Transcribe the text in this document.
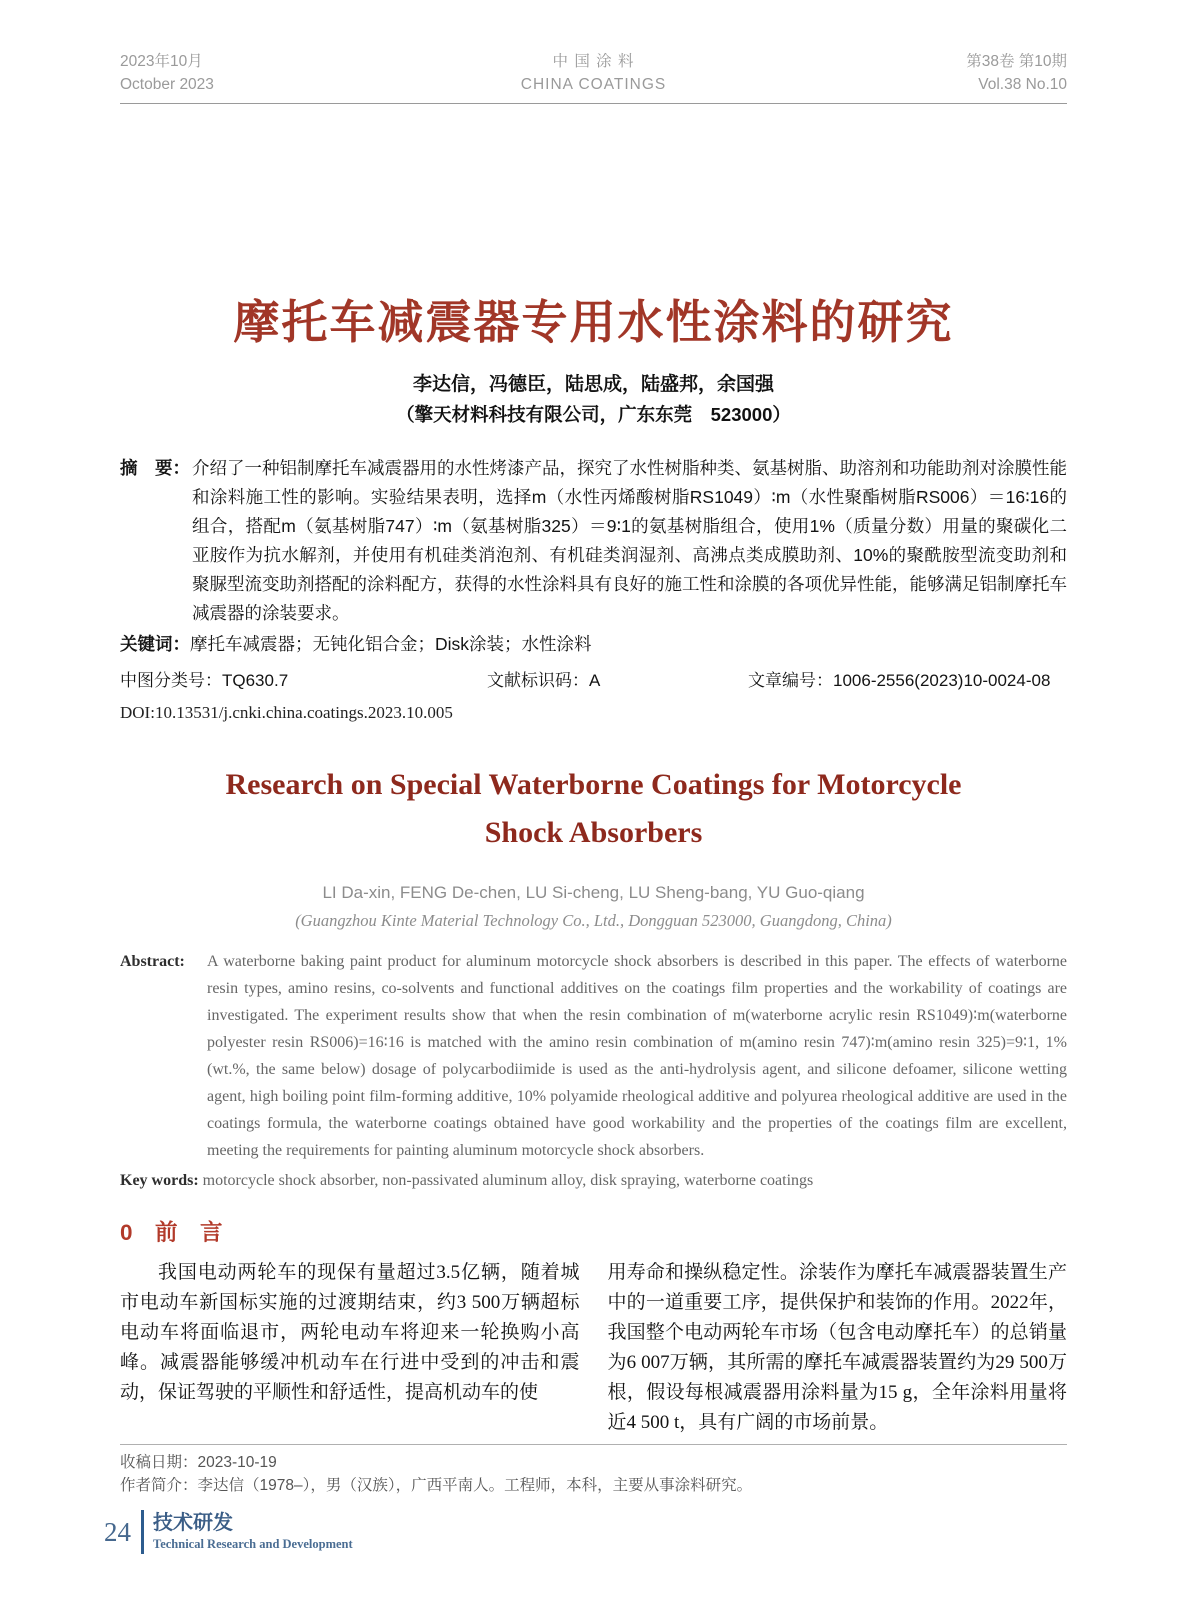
2023年10月
October 2023
中 国 涂 料
CHINA COATINGS
第38卷 第10期
Vol.38 No.10
摩托车减震器专用水性涂料的研究
李达信，冯德臣，陆思成，陆盛邦，余国强
（擎天材料科技有限公司，广东东莞　523000）
摘　要： 介绍了一种铝制摩托车减震器用的水性烤漆产品，探究了水性树脂种类、氨基树脂、助溶剂和功能助剂对涂膜性能和涂料施工性的影响。实验结果表明，选择m（水性丙烯酸树脂RS1049）∶m（水性聚酯树脂RS006）＝16∶16的组合，搭配m（氨基树脂747）∶m（氨基树脂325）＝9∶1的氨基树脂组合，使用1%（质量分数）用量的聚碳化二亚胺作为抗水解剂，并使用有机硅类消泡剂、有机硅类润湿剂、高沸点类成膜助剂、10%的聚酰胺型流变助剂和聚脲型流变助剂搭配的涂料配方，获得的水性涂料具有良好的施工性和涂膜的各项优异性能，能够满足铝制摩托车减震器的涂装要求。
关键词：摩托车减震器；无钝化铝合金；Disk涂装；水性涂料
中图分类号：TQ630.7	文献标识码：A	文章编号：1006-2556(2023)10-0024-08
DOI:10.13531/j.cnki.china.coatings.2023.10.005
Research on Special Waterborne Coatings for Motorcycle
Shock Absorbers
LI Da-xin, FENG De-chen, LU Si-cheng, LU Sheng-bang, YU Guo-qiang
(Guangzhou Kinte Material Technology Co., Ltd., Dongguan 523000, Guangdong, China)
Abstract: A waterborne baking paint product for aluminum motorcycle shock absorbers is described in this paper. The effects of waterborne resin types, amino resins, co-solvents and functional additives on the coatings film properties and the workability of coatings are investigated. The experiment results show that when the resin combination of m(waterborne acrylic resin RS1049)∶m(waterborne polyester resin RS006)=16∶16 is matched with the amino resin combination of m(amino resin 747)∶m(amino resin 325)=9∶1, 1% (wt.%, the same below) dosage of polycarbodiimide is used as the anti-hydrolysis agent, and silicone defoamer, silicone wetting agent, high boiling point film-forming additive, 10% polyamide rheological additive and polyurea rheological additive are used in the coatings formula, the waterborne coatings obtained have good workability and the properties of the coatings film are excellent, meeting the requirements for painting aluminum motorcycle shock absorbers.
Key words: motorcycle shock absorber, non-passivated aluminum alloy, disk spraying, waterborne coatings
0　前　言
我国电动两轮车的现保有量超过3.5亿辆，随着城市电动车新国标实施的过渡期结束，约3 500万辆超标电动车将面临退市，两轮电动车将迎来一轮换购小高峰。减震器能够缓冲机动车在行进中受到的冲击和震动，保证驾驶的平顺性和舒适性，提高机动车的使
用寿命和操纵稳定性。涂装作为摩托车减震器装置生产中的一道重要工序，提供保护和装饰的作用。2022年，我国整个电动两轮车市场（包含电动摩托车）的总销量为6 007万辆，其所需的摩托车减震器装置约为29 500万根，假设每根减震器用涂料量为15 g，全年涂料用量将近4 500 t，具有广阔的市场前景。
收稿日期：2023-10-19
作者简介：李达信（1978–），男（汉族），广西平南人。工程师，本科，主要从事涂料研究。
24 技术研发
Technical Research and Development
